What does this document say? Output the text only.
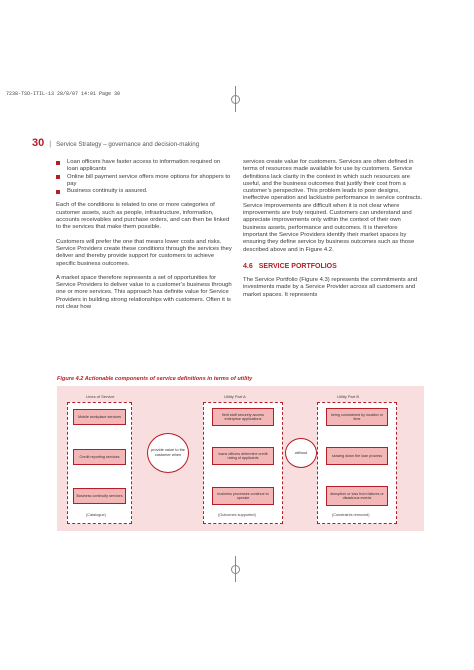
7238-TSO-ITIL-13 28/8/07 14:01 Page 30
30 | Service Strategy – governance and decision-making
Loan officers have faster access to information required on loan applicants
Online bill payment service offers more options for shoppers to pay
Business continuity is assured.

Each of the conditions is related to one or more categories of customer assets, such as people, infrastructure, information, accounts receivables and purchase orders, and can then be linked to the services that make them possible.

Customers will prefer the one that means lower costs and risks. Service Providers create these conditions through the services they deliver and thereby provide support for customers to achieve specific business outcomes.

A market space therefore represents a set of opportunities for Service Providers to deliver value to a customer’s business through one or more services. This approach has definite value for Service Providers in building strong relationships with customers. Often it is not clear how

services create value for customers. Services are often defined in terms of resources made available for use by customers. Service definitions lack clarity in the context in which such resources are useful, and the business outcomes that justify their cost from a customer’s perspective. This problem leads to poor designs, ineffective operation and lacklustre performance in service contracts. Service improvements are difficult when it is not clear where improvements are truly required. Customers can understand and appreciate improvements only within the context of their own business assets, performance and outcomes. It is therefore important the Service Providers identify their market spaces by ensuring they define service by business outcomes such as those described above and in Figure 4.2.

4.6 SERVICE PORTFOLIOS

The Service Portfolio (Figure 4.3) represents the commitments and investments made by a Service Provider across all customers and market spaces. It represents

Figure 4.2 Actionable components of service definitions in terms of utility
Lines of Service	Utility Part A	Utility Part B
Mobile workplace services
Credit reporting services
Business continuity services
provide value to the customer when
field staff securely access enterprise applications
loans officers determine credit rating of applicants
business processes continue to operate
without
being constrained by location or time
slowing down the loan process
disruption or loss from failures or disastrous events
(Catalogue)	(Outcomes supported)	(Constraints removed)
